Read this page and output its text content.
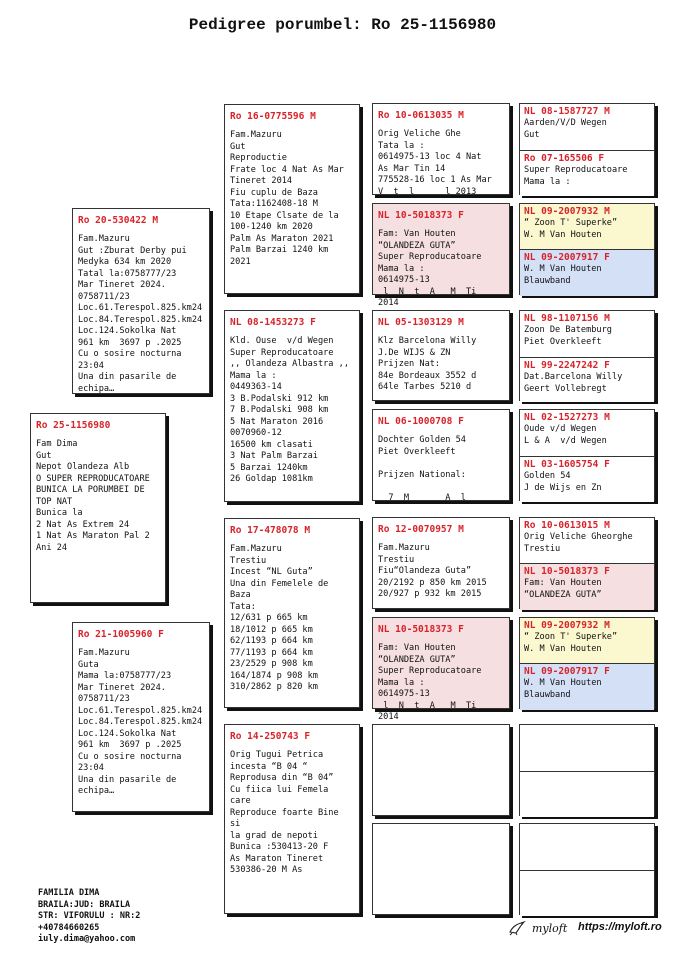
Pedigree porumbel: Ro 25-1156980
Ro 25-1156980
Fam Dima
Gut
Nepot Olandeza Alb
O SUPER REPRODUCATOARE
BUNICA LA PORUMBEI DE
TOP NAT
Bunica la
2 Nat As Extrem 24
1 Nat As Maraton Pal 2
Ani 24
Ro 20-530422 M
Fam.Mazuru
Gut :Zburat Derby pui
Medyka 634 km 2020
Tatal la:0758777/23
Mar Tineret 2024.
0758711/23
Loc.61.Terespol.825.km24
Loc.84.Terespol.825.km24
Loc.124.Sokolka Nat
961 km  3697 p .2025
Cu o sosire nocturna
23:04
Una din pasarile de
echipa…
Ro 21-1005960 F
Fam.Mazuru
Guta
Mama la:0758777/23
Mar Tineret 2024.
0758711/23
Loc.61.Terespol.825.km24
Loc.84.Terespol.825.km24
Loc.124.Sokolka Nat
961 km  3697 p .2025
Cu o sosire nocturna
23:04
Una din pasarile de
echipa…
Ro 16-0775596 M
Fam.Mazuru
Gut
Reproductie
Frate loc 4 Nat As Mar
Tineret 2014
Fiu cuplu de Baza
Tata:1162408-18 M
10 Etape Clsate de la
100-1240 km 2020
Palm As Maraton 2021
Palm Barzai 1240 km 2021
NL 08-1453273 F
Kld. Ouse  v/d Wegen
Super Reproducatoare
,, Olandeza Albastra ,,
Mama la :
0449363-14
3 B.Podalski 912 km
7 B.Podalski 908 km
5 Nat Maraton 2016
0070960-12
16500 km clasati
3 Nat Palm Barzai
5 Barzai 1240km
26 Goldap 1081km
Ro 17-478078 M
Fam.Mazuru
Trestiu
Incest “NL Guta”
Una din Femelele de Baza
Tata:
12/631 p 665 km
18/1012 p 665 km
62/1193 p 664 km
77/1193 p 664 km
23/2529 p 908 km
164/1874 p 908 km
310/2862 p 820 km
Ro 14-250743 F
Orig Tugui Petrica
incesta “B 04 “
Reprodusa din “B 04”
Cu fiica lui Femela care
Reproduce foarte Bine si
la grad de nepoti
Bunica :530413-20 F
As Maraton Tineret
530386-20 M As
Ro 10-0613035 M
Orig Veliche Ghe
Tata la :
0614975-13 loc 4 Nat
As Mar Tin 14
775528-16 loc 1 As Mar
V  t  l      l 2013
NL 10-5018373 F
Fam: Van Houten
“OLANDEZA GUTA”
Super Reproducatoare
Mama la :
0614975-13
l  N  t  A   M  Ti  2014
NL 05-1303129 M
Klz Barcelona Willy
J.De WIJS & ZN
Prijzen Nat:
84e Bordeaux 3552 d
64le Tarbes 5210 d

NL 06-1000708 F
Dochter Golden 54
Piet Overkleeft

Prijzen National:

7  M       A  l
Ro 12-0070957 M
Fam.Mazuru
Trestiu
Fiu“Olandeza Guta”
20/2192 p 850 km 2015
20/927 p 932 km 2015

NL 10-5018373 F
Fam: Van Houten
“OLANDEZA GUTA”
Super Reproducatoare
Mama la :
0614975-13
l  N  t  A   M  Ti  2014
NL 08-1587727 M
Aarden/V/D Wegen
Gut
Ro 07-165506 F
Super Reproducatoare
Mama la :
NL 09-2007932 M
“ Zoon T' Superke”
W. M Van Houten
NL 09-2007917 F
W. M Van Houten
Blauwband
NL 98-1107156 M
Zoon De Batemburg
Piet Overkleeft
NL 99-2247242 F
Dat.Barcelona Willy
Geert Vollebregt
NL 02-1527273 M
Oude v/d Wegen
L & A  v/d Wegen
NL 03-1605754 F
Golden 54
J de Wijs en Zn
Ro 10-0613015 M
Orig Veliche Gheorghe
Trestiu
NL 10-5018373 F
Fam: Van Houten
“OLANDEZA GUTA”
NL 09-2007932 M
“ Zoon T' Superke”
W. M Van Houten
NL 09-2007917 F
W. M Van Houten
Blauwband
FAMILIA DIMA
BRAILA:JUD: BRAILA
STR: VIFORULU : NR:2
+40784660265
iuly.dima@yahoo.com
myloft https://myloft.ro
